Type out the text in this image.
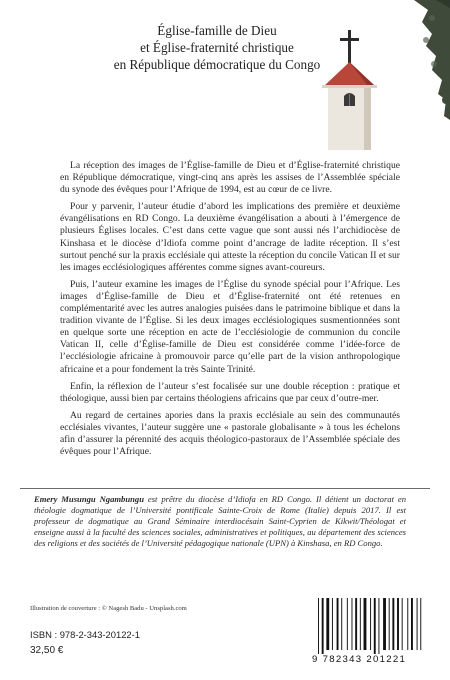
Église-famille de Dieu
et Église-fraternité christique
en République démocratique du Congo

La réception des images de l’Église-famille de Dieu et d’Église-fraternité christique en République démocratique, vingt-cinq ans après les assises de l’Assemblée spéciale du synode des évêques pour l’Afrique de 1994, est au cœur de ce livre.

Pour y parvenir, l’auteur étudie d’abord les implications des première et deuxième évangélisations en RD Congo. La deuxième évangélisation a abouti à l’émergence de plusieurs Églises locales. C’est dans cette vague que sont aussi nés l’archidiocèse de Kinshasa et le diocèse d’Idiofa comme point d’ancrage de ladite réception. Il s’est surtout penché sur la praxis ecclésiale qui atteste la réception du concile Vatican II et sur les images ecclésiologiques afférentes comme signes avant-coureurs.

Puis, l’auteur examine les images de l’Église du synode spécial pour l’Afrique. Les images d’Église-famille de Dieu et d’Église-fraternité ont été retenues en complémentarité avec les autres analogies puisées dans le patrimoine biblique et dans la tradition vivante de l’Église. Si les deux images ecclésiologiques susmentionnées sont en quelque sorte une réception en acte de l’ecclésiologie de communion du concile Vatican II, celle d’Église-famille de Dieu est considérée comme l’idée-force de l’ecclésiologie africaine à promouvoir parce qu’elle part de la vision anthropologique africaine et a pour fondement la très Sainte Trinité.

Enfin, la réflexion de l’auteur s’est focalisée sur une double réception : pratique et théologique, aussi bien par certains théologiens africains que par ceux d’outre-mer.

Au regard de certaines apories dans la praxis ecclésiale au sein des communautés ecclésiales vivantes, l’auteur suggère une « pastorale globalisante » à tous les échelons afin d’assurer la pérennité des acquis théologico-pastoraux de l’Assemblée spéciale des évêques pour l’Afrique.

Emery Musungu Ngambungu est prêtre du diocèse d’Idiofa en RD Congo. Il détient un doctorat en théologie dogmatique de l’Université pontificale Sainte-Croix de Rome (Italie) depuis 2017. Il est professeur de dogmatique au Grand Séminaire interdiocésain Saint-Cyprien de Kikwit/Théologat et enseigne aussi à la faculté des sciences sociales, administratives et politiques, au département des sciences des religions et des sociétés de l’Université pédagogique nationale (UPN) à Kinshasa, en RD Congo.
Illustration de couverture : © Nagesh Badu - Unsplash.com
ISBN : 978-2-343-20122-1
32,50 €
9 782343 201221
